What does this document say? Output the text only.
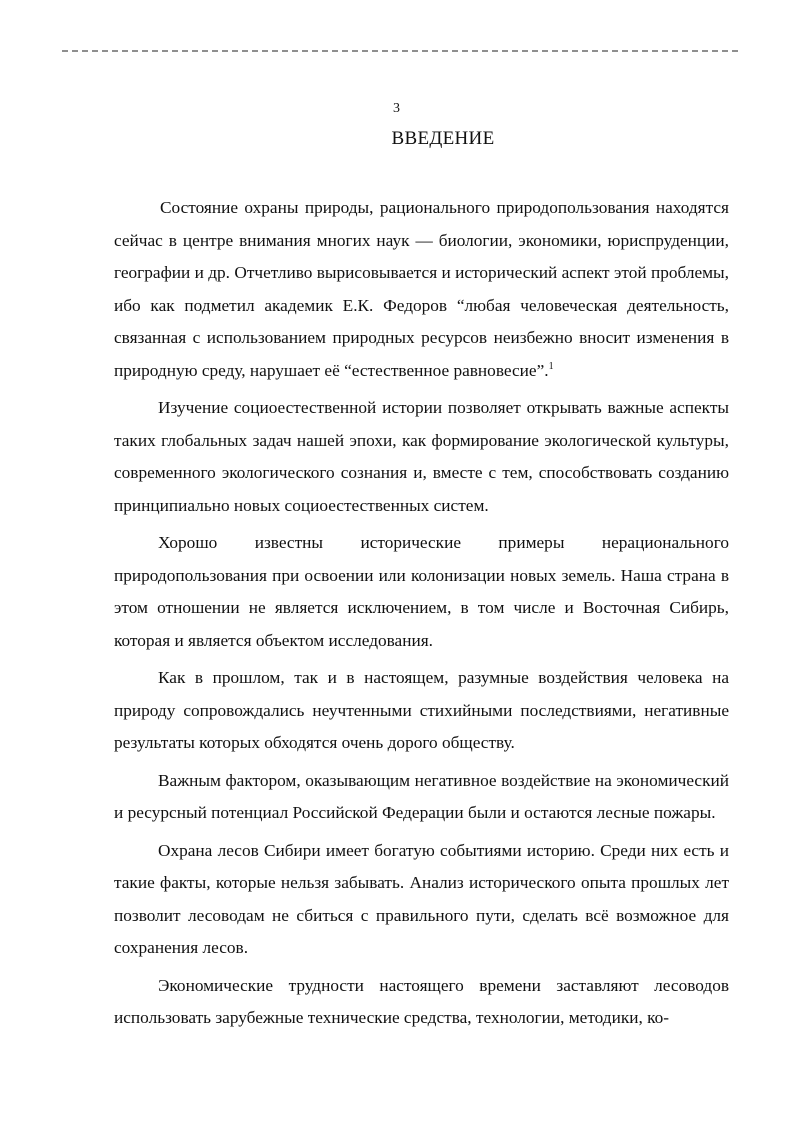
3
ВВЕДЕНИЕ

Состояние охраны природы, рационального природопользования находятся сейчас в центре внимания многих наук — биологии, экономики, юриспруденции, географии и др. Отчетливо вырисовывается и исторический аспект этой проблемы, ибо как подметил академик Е.К. Федоров “любая человеческая деятельность, связанная с использованием природных ресурсов неизбежно вносит изменения в природную среду, нарушает её “естественное равновесие”.$^1$

Изучение социоестественной истории позволяет открывать важные аспекты таких глобальных задач нашей эпохи, как формирование экологической культуры, современного экологического сознания и, вместе с тем, способствовать созданию принципиально новых социоестественных систем.

Хорошо известны исторические примеры нерационального природопользования при освоении или колонизации новых земель. Наша страна в этом отношении не является исключением, в том числе и Восточная Сибирь, которая и является объектом исследования.

Как в прошлом, так и в настоящем, разумные воздействия человека на природу сопровождались неучтенными стихийными последствиями, негативные результаты которых обходятся очень дорого обществу.

Важным фактором, оказывающим негативное воздействие на экономический и ресурсный потенциал Российской Федерации были и остаются лесные пожары.

Охрана лесов Сибири имеет богатую событиями историю. Среди них есть и такие факты, которые нельзя забывать. Анализ исторического опыта прошлых лет позволит лесоводам не сбиться с правильного пути, сделать всё возможное для сохранения лесов.

Экономические трудности настоящего времени заставляют лесоводов использовать зарубежные технические средства, технологии, методики, ко-
